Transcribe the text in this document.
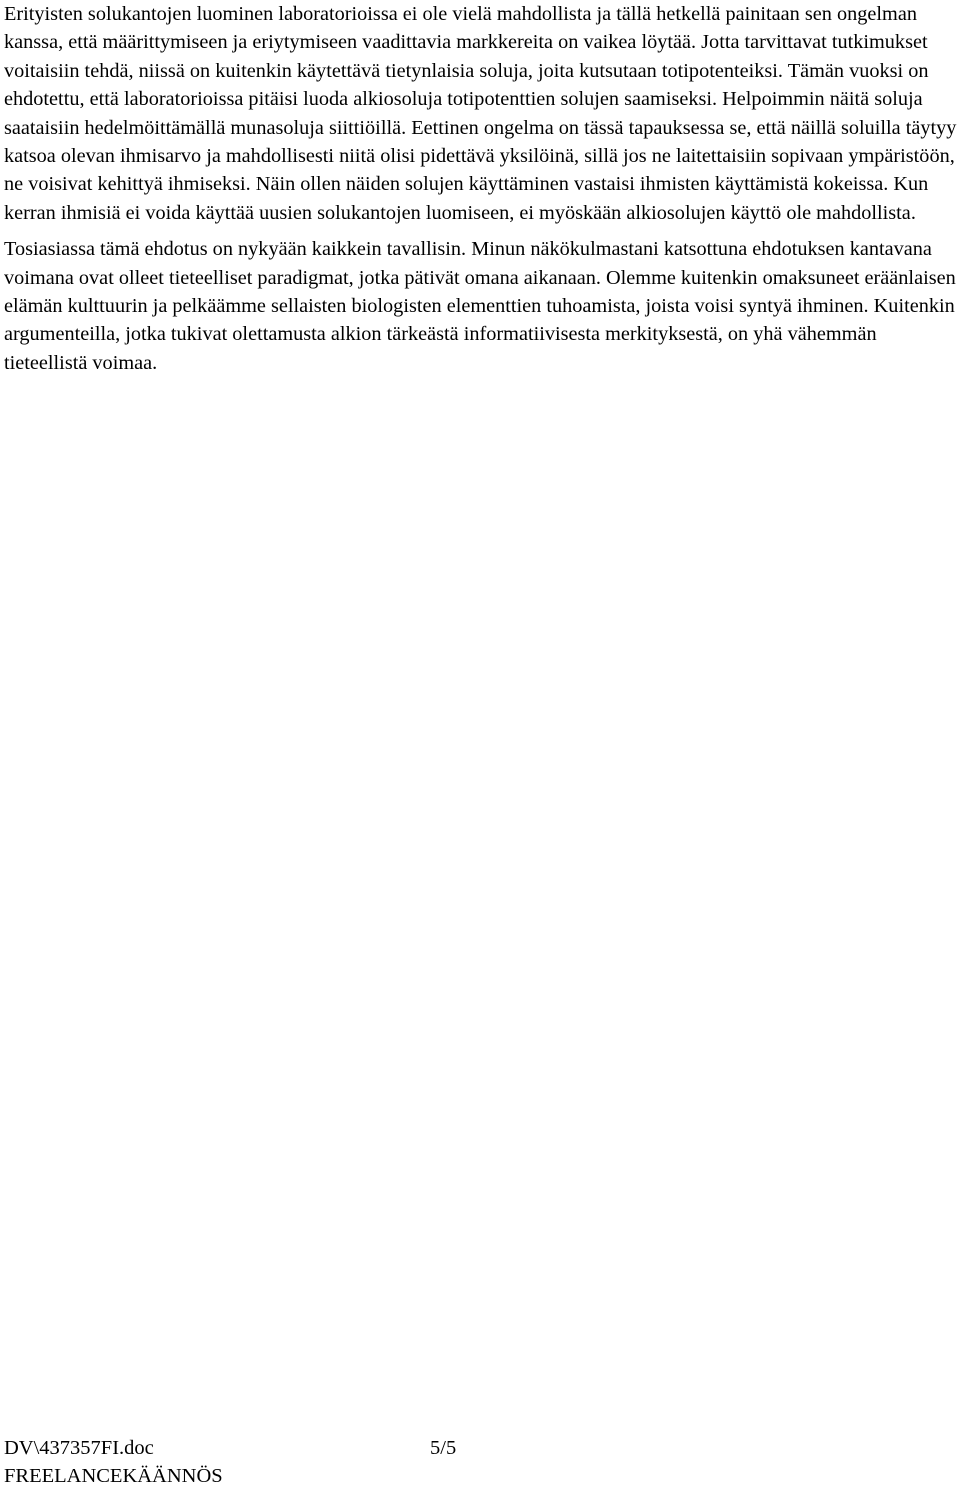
Erityisten solukantojen luominen laboratorioissa ei ole vielä mahdollista ja tällä hetkellä painitaan sen ongelman kanssa, että määrittymiseen ja eriytymiseen vaadittavia markkereita on vaikea löytää. Jotta tarvittavat tutkimukset voitaisiin tehdä, niissä on kuitenkin käytettävä tietynlaisia soluja, joita kutsutaan totipotenteiksi. Tämän vuoksi on ehdotettu, että laboratorioissa pitäisi luoda alkiosoluja totipotenttien solujen saamiseksi. Helpoimmin näitä soluja saataisiin hedelmöittämällä munasoluja siittiöillä. Eettinen ongelma on tässä tapauksessa se, että näillä soluilla täytyy katsoa olevan ihmisarvo ja mahdollisesti niitä olisi pidettävä yksilöinä, sillä jos ne laitettaisiin sopivaan ympäristöön, ne voisivat kehittyä ihmiseksi. Näin ollen näiden solujen käyttäminen vastaisi ihmisten käyttämistä kokeissa. Kun kerran ihmisiä ei voida käyttää uusien solukantojen luomiseen, ei myöskään alkiosolujen käyttö ole mahdollista.

Tosiasiassa tämä ehdotus on nykyään kaikkein tavallisin. Minun näkökulmastani katsottuna ehdotuksen kantavana voimana ovat olleet tieteelliset paradigmat, jotka pätivät omana aikanaan. Olemme kuitenkin omaksuneet eräänlaisen elämän kulttuurin ja pelkäämme sellaisten biologisten elementtien tuhoamista, joista voisi syntyä ihminen. Kuitenkin argumenteilla, jotka tukivat olettamusta alkion tärkeästä informatiivisesta merkityksestä, on yhä vähemmän tieteellistä voimaa.

DV\437357FI.doc	5/5
FREELANCEKÄÄNNÖS
